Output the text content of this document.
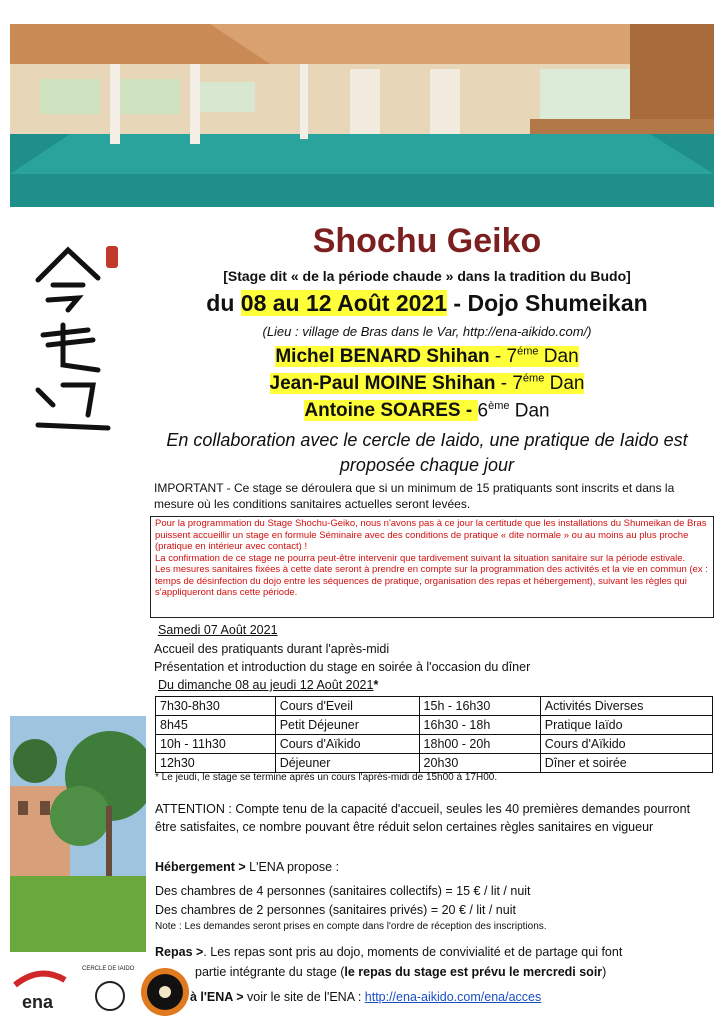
Shochu Geiko
[Stage dit « de la période chaude » dans la tradition du Budo]
du 08 au 12 Août 2021 - Dojo Shumeikan
(Lieu : village de Bras dans le Var, http://ena-aikido.com/)
Michel BENARD Shihan - $7^{éme}$ Dan
Jean-Paul MOINE Shihan - $7^{éme}$ Dan
Antoine SOARES - 6ème Dan
En collaboration avec le cercle de Iaido, une pratique de Iaido est proposée chaque jour
IMPORTANT - Ce stage se déroulera que si un minimum de 15 pratiquants sont inscrits et dans la mesure où les conditions sanitaires actuelles seront levées.

Pour la programmation du Stage Shochu-Geiko, nous n'avons pas à ce jour la certitude que les installations du Shumeikan de Bras puissent accueillir un stage en formule Séminaire avec des conditions de pratique « dite normale » ou au moins au plus proche (pratique en intérieur avec contact) !

La confirmation de ce stage ne pourra peut-être intervenir que tardivement suivant la situation sanitaire sur la période estivale.

Les mesures sanitaires fixées à cette date seront à prendre en compte sur la programmation des activités et la vie en commun (ex : temps de désinfection du dojo entre les séquences de pratique, organisation des repas et hébergement), suivant les règles qui s'appliqueront dans cette période.

Samedi 07 Août 2021
Accueil des pratiquants durant l'après-midi
Présentation et introduction du stage en soirée à l'occasion du dîner
Du dimanche 08 au jeudi 12 Août 2021*
7h30-8h30	Cours d'Eveil	15h - 16h30	Activités Diverses
8h45	Petit Déjeuner	16h30 - 18h	Pratique Iaïdo
10h - 11h30	Cours d'Aïkido	18h00 - 20h	Cours d'Aïkido
12h30	Déjeuner	20h30	Dîner et soirée
* Le jeudi, le stage se termine après un cours l'après-midi de 15h00 à 17H00.
ATTENTION : Compte tenu de la capacité d'accueil, seules les 40 premières demandes pourront être satisfaites, ce nombre pouvant être réduit selon certaines règles sanitaires en vigueur
Hébergement > L'ENA propose :
Des chambres de 4 personnes (sanitaires collectifs) = 15 € / lit / nuit
Des chambres de 2 personnes (sanitaires privés) = 20 € / lit / nuit
Note : Les demandes seront prises en compte dans l'ordre de réception des inscriptions.
Repas >. Les repas sont pris au dojo, moments de convivialité et de partage qui font
partie intégrante du stage (le repas du stage est prévu le mercredi soir)
à l'ENA > voir le site de l'ENA : http://ena-aikido.com/ena/acces
ena
CERCLE DE IAIDO
